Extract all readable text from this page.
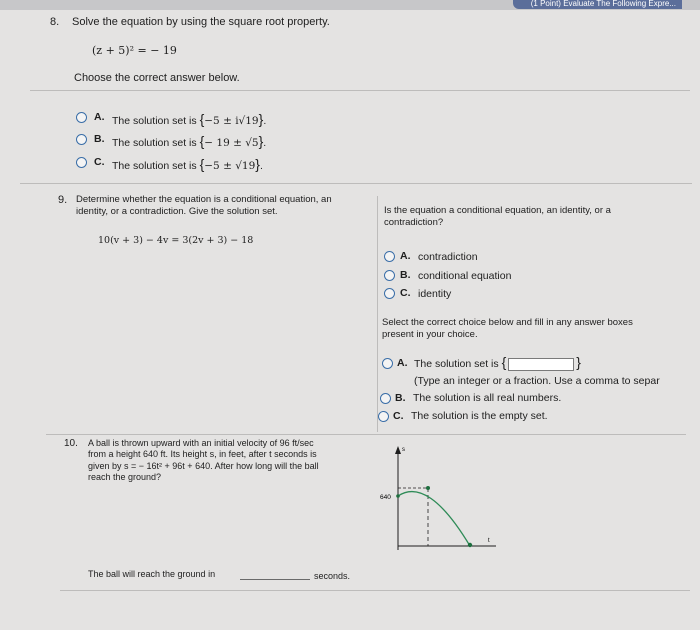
(1 Point) Evaluate The Following Expre...
8. Solve the equation by using the square root property.
(z + 5)² = − 19
Choose the correct answer below.
A. The solution set is {−5 ± i√19}.
B. The solution set is {− 19 ± √5}.
C. The solution set is {−5 ± √19}.
9. Determine whether the equation is a conditional equation, an
identity, or a contradiction. Give the solution set.
10(v + 3) − 4v = 3(2v + 3) − 18
Is the equation a conditional equation, an identity, or a
contradiction?
A. contradiction
B. conditional equation
C. identity
Select the correct choice below and fill in any answer boxes
present in your choice.
A. The solution set is {	}
(Type an integer or a fraction. Use a comma to separ
B. The solution is all real numbers.
C. The solution is the empty set.
10. A ball is thrown upward with an initial velocity of 96 ft/sec
from a height 640 ft. Its height s, in feet, after t seconds is
given by s = − 16t² + 96t + 640. After how long will the ball
reach the ground?
s
t
640
The ball will reach the ground in	seconds.
